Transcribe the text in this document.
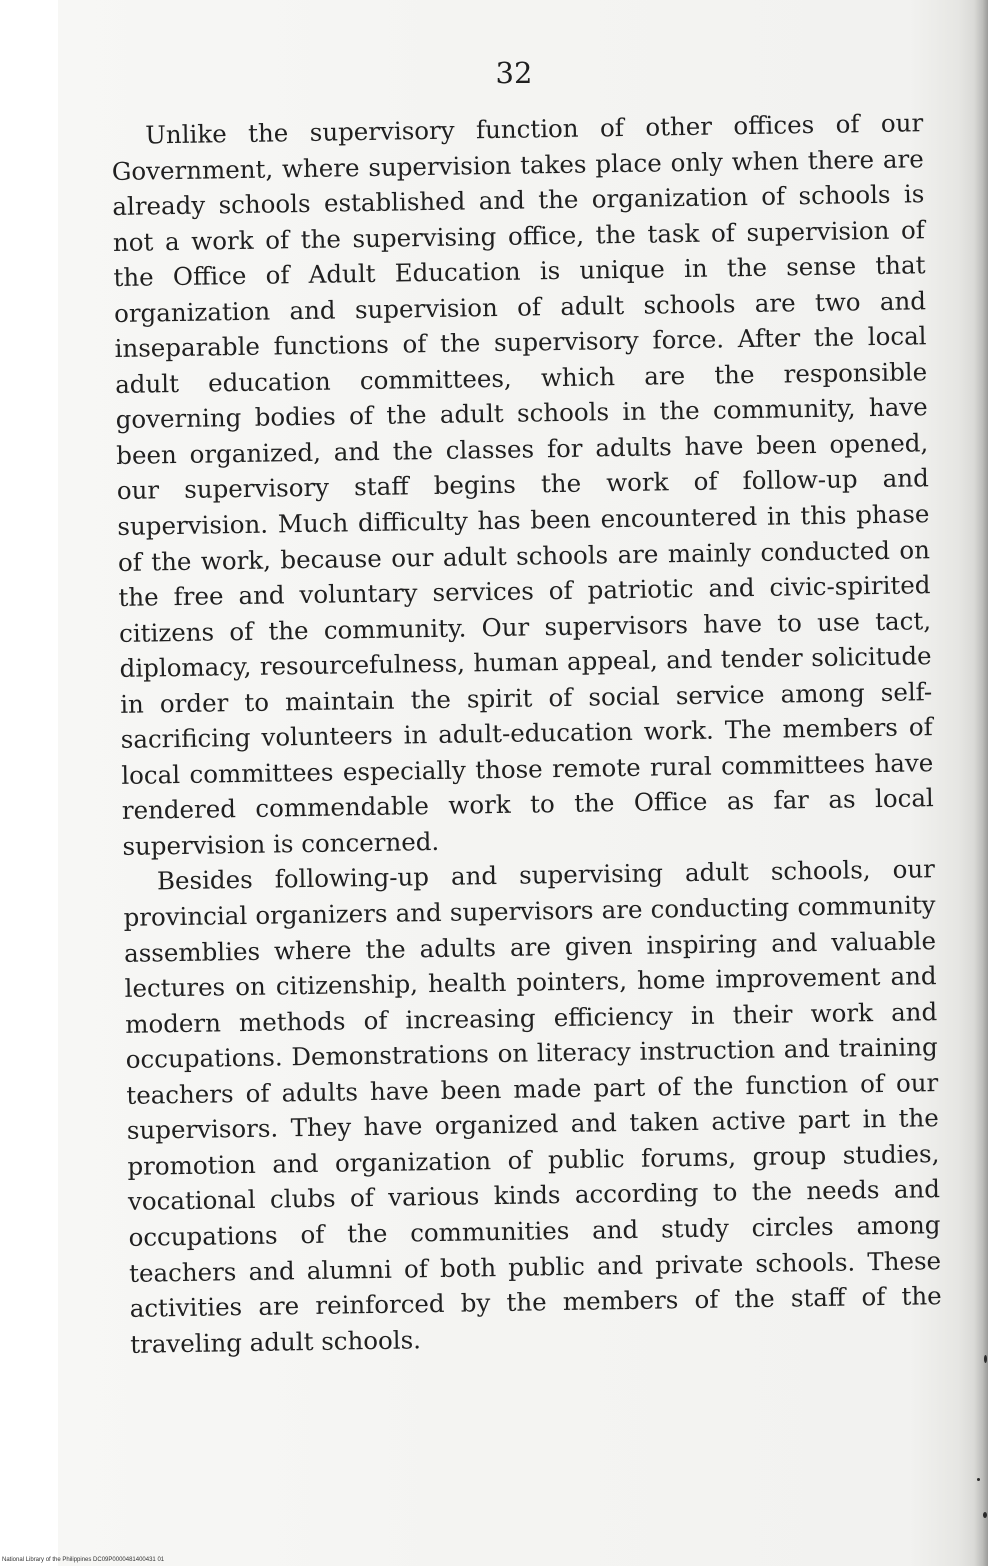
32

Unlike the supervisory function of other offices of our Government, where supervision takes place only when there are already schools established and the organization of schools is not a work of the supervising office, the task of supervision of the Office of Adult Education is unique in the sense that organization and supervision of adult schools are two and inseparable functions of the supervisory force. After the local adult education committees, which are the responsible governing bodies of the adult schools in the community, have been organized, and the classes for adults have been opened, our supervisory staff begins the work of follow-up and supervision. Much difficulty has been encountered in this phase of the work, because our adult schools are mainly conducted on the free and voluntary services of patriotic and civic-spirited citizens of the community. Our supervisors have to use tact, diplomacy, resourcefulness, human appeal, and tender solicitude in order to maintain the spirit of social service among self-sacrificing volunteers in adult-education work. The members of local committees especially those remote rural committees have rendered commendable work to the Office as far as local supervision is concerned.

Besides following-up and supervising adult schools, our provincial organizers and supervisors are conducting community assemblies where the adults are given inspiring and valuable lectures on citizenship, health pointers, home improvement and modern methods of increasing efficiency in their work and occupations. Demonstrations on literacy instruction and training teachers of adults have been made part of the function of our supervisors. They have organized and taken active part in the promotion and organization of public forums, group studies, vocational clubs of various kinds according to the needs and occupations of the communities and study circles among teachers and alumni of both public and private schools. These activities are reinforced by the members of the staff of the traveling adult schools.

National Library of the Philippines DC09P0000481400431 01
